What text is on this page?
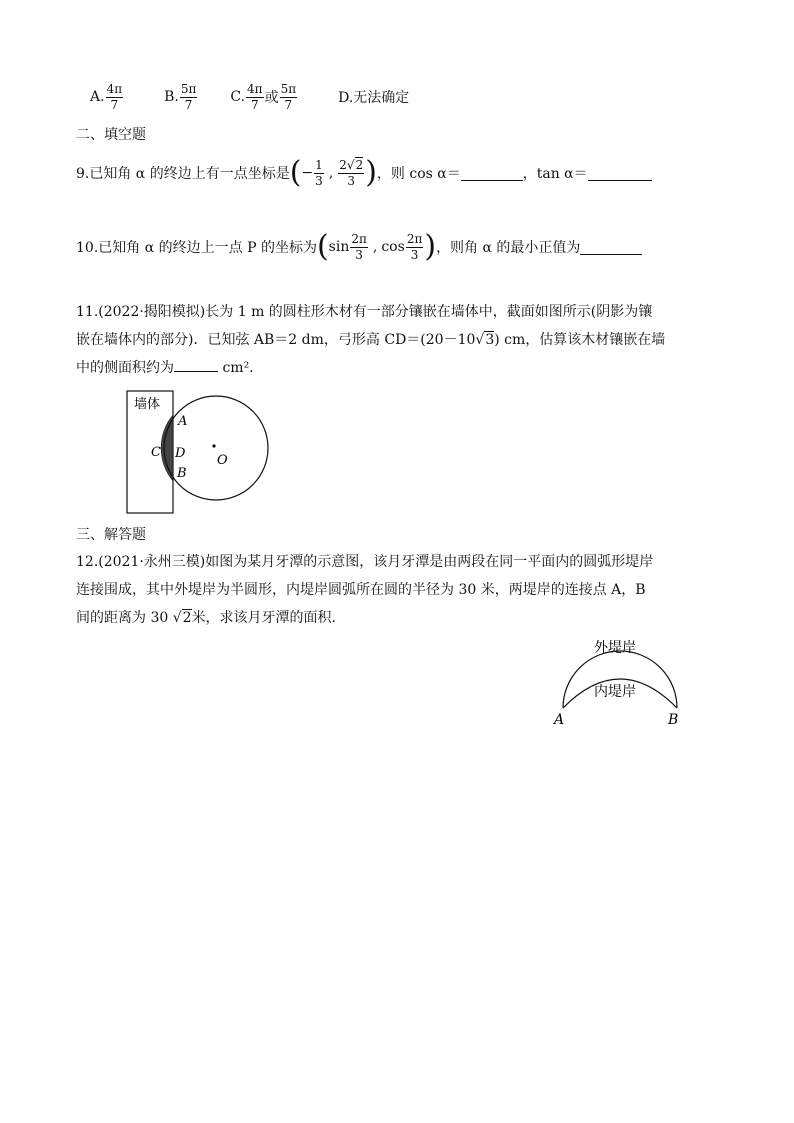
A. $\frac{4\pi}{7}$	B. $\frac{5\pi}{7} C$. $\frac{4\pi}{7}$ 或 $\frac{5\pi}{7}$	D.无法确定
二、填空题
9.已知角 α 的终边上有一点坐标是 ( − $\frac{1}{3}$ , $\frac{2√2}{3}$ ) ，则 cos α＝	，tan α＝
10.已知角 α 的终边上一点 P 的坐标为 ( $\sin \frac{2\pi}{3}$ , $\cos \frac{2\pi}{3}$ ) ，则角 α 的最小正值为
11.(2022·揭阳模拟)长为 1 m 的圆柱形木材有一部分镶嵌在墙体中，截面如图所示(阴影为镶
嵌在墙体内的部分)．已知弦 AB＝2 dm，弓形高 CD＝(20－10√3) cm，估算该木材镶嵌在墙
中的侧面积约为	cm².
墙体
A
C D O
B
三、解答题
12.(2021·永州三模)如图为某月牙潭的示意图，该月牙潭是由两段在同一平面内的圆弧形堤岸
连接围成，其中外堤岸为半圆形，内堤岸圆弧所在圆的半径为 30 米，两堤岸的连接点 A，B
间的距离为 30 √2米，求该月牙潭的面积.
外堤岸
内堤岸
A	B
